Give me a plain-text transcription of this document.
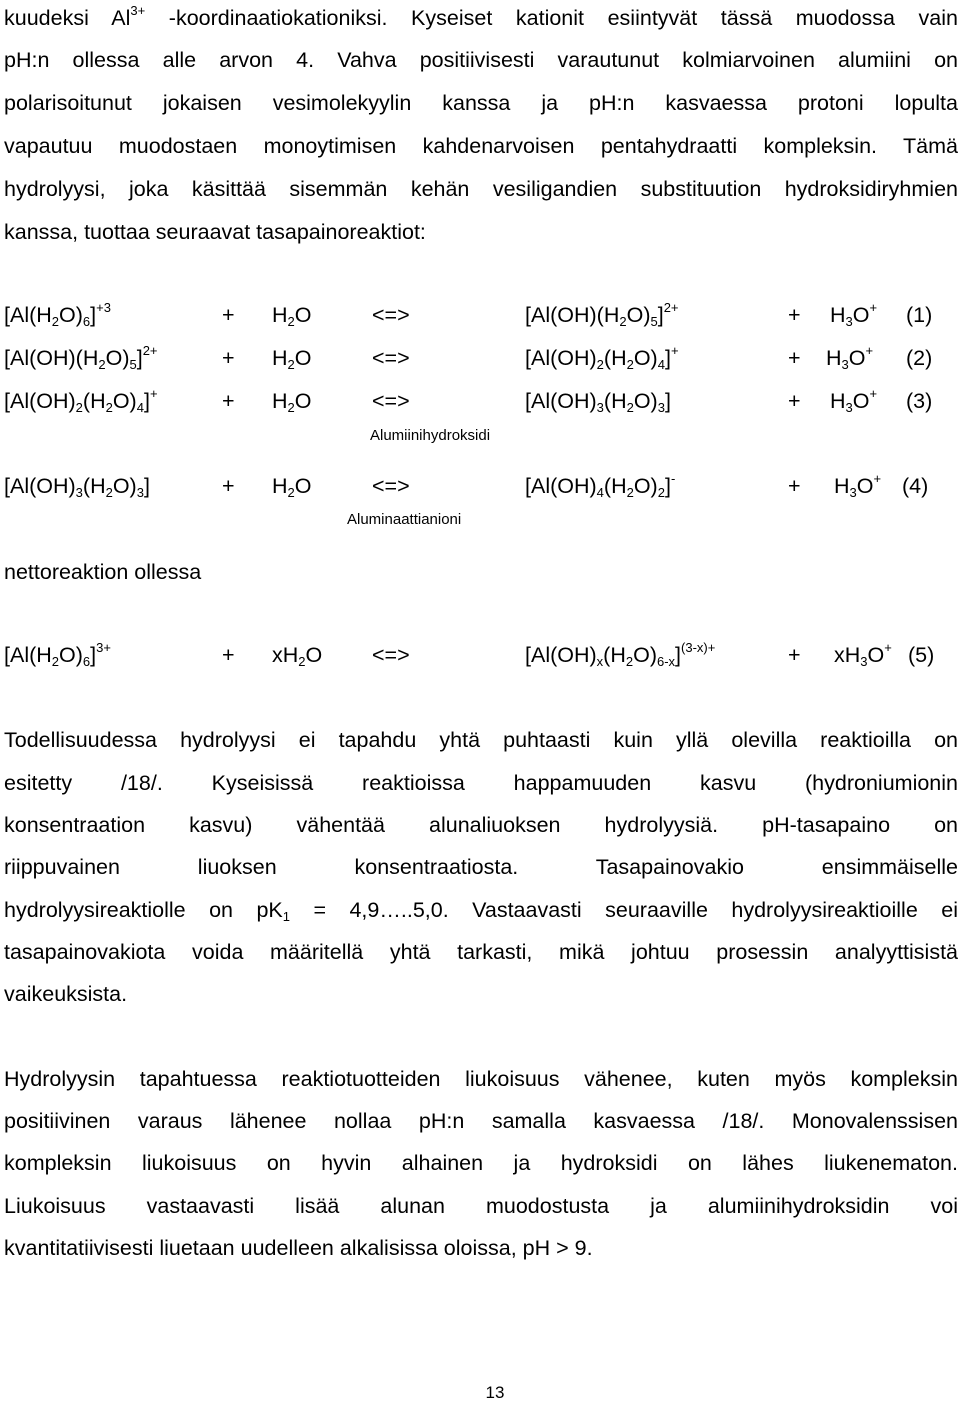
kuudeksi $Al^{3+}$ -koordinaatiokationiksi. Kyseiset kationit esiintyvät tässä muodossa vain
pH:n ollessa alle arvon 4. Vahva positiivisesti varautunut kolmiarvoinen alumiini on
polarisoitunut jokaisen vesimolekyylin kanssa ja pH:n kasvaessa protoni lopulta
vapautuu muodostaen monoytimisen kahdenarvoisen pentahydraatti kompleksin. Tämä
hydrolyysi, joka käsittää sisemmän kehän vesiligandien substituution hydroksidiryhmien
kanssa, tuottaa seuraavat tasapainoreaktiot:
$[Al(H_2O)_6]^{+3}$	+ $H_2O$	<=>	$[Al(OH)(H_2O)_5]^{2+}$	+ $H_3O^+$ (1)
$[Al(OH)(H_2O)_5]^{2+}$	+ $H_2O$	<=>	$[Al(OH)_2(H_2O)_4]^+$	+ $H_3O^+$ (2)
$[Al(OH)_2(H_2O)_4]^+$	+ $H_2O$	<=>	$[Al(OH)_3(H_2O)_3]$	+ $H_3O^+$ (3)
Alumiinihydroksidi
$[Al(OH)_3(H_2O)_3]$	+ $H_2O$	<=>	$[Al(OH)_4(H_2O)_2]^-$	+ $H_3O^+$ (4)
Aluminaattianioni
nettoreaktion ollessa
$[Al(H_2O)_6]^{3+}$	+ $xH_2O$ <=>	$[Al(OH)_x(H_2O)_{6-x}]^{(3-x)+}$	+ $xH_3O^+$ (5)
Todellisuudessa hydrolyysi ei tapahdu yhtä puhtaasti kuin yllä olevilla reaktioilla on
esitetty /18/. Kyseisissä reaktioissa happamuuden kasvu (hydroniumionin
konsentraation kasvu) vähentää alunaliuoksen hydrolyysiä. pH-tasapaino on
riippuvainen liuoksen konsentraatiosta. Tasapainovakio ensimmäiselle
hydrolyysireaktiolle on $pK_1$ = 4,9…..5,0. Vastaavasti seuraaville hydrolyysireaktioille ei
tasapainovakiota voida määritellä yhtä tarkasti, mikä johtuu prosessin analyyttisistä
vaikeuksista.
Hydrolyysin tapahtuessa reaktiotuotteiden liukoisuus vähenee, kuten myös kompleksin
positiivinen varaus lähenee nollaa pH:n samalla kasvaessa /18/. Monovalenssisen
kompleksin liukoisuus on hyvin alhainen ja hydroksidi on lähes liukenematon.
Liukoisuus vastaavasti lisää alunan muodostusta ja alumiinihydroksidin voi
kvantitatiivisesti liuetaan uudelleen alkalisissa oloissa, pH > 9.
13
